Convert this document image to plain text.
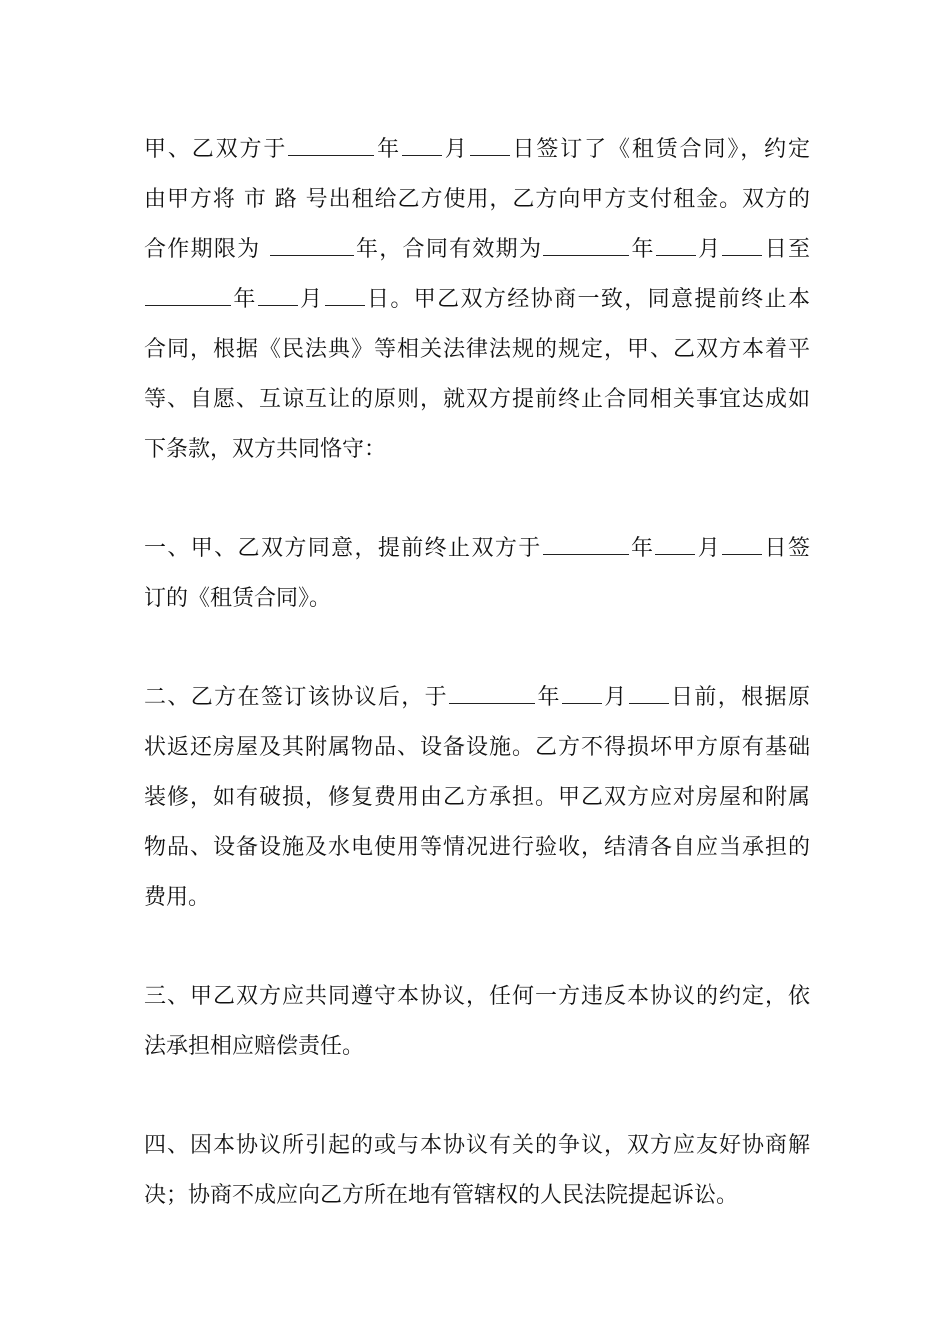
甲、乙双方于	年 月 日签订了《租赁合同》，约定
由甲方将 市 路 号出租给乙方使用，乙方向甲方支付租金。双方的
合作期限为	年，合同有效期为	年 月 日至
年 月 日。甲乙双方经协商一致，同意提前终止本
合同，根据《民法典》等相关法律法规的规定，甲、乙双方本着平
等、自愿、互谅互让的原则，就双方提前终止合同相关事宜达成如
下条款，双方共同恪守：
一、甲、乙双方同意，提前终止双方于	年 月 日签
订的《租赁合同》。
二、乙方在签订该协议后，于	年 月 日前，根据原
状返还房屋及其附属物品、设备设施。乙方不得损坏甲方原有基础
装修，如有破损，修复费用由乙方承担。甲乙双方应对房屋和附属
物品、设备设施及水电使用等情况进行验收，结清各自应当承担的
费用。
三、甲乙双方应共同遵守本协议，任何一方违反本协议的约定，依
法承担相应赔偿责任。
四、因本协议所引起的或与本协议有关的争议，双方应友好协商解
决；协商不成应向乙方所在地有管辖权的人民法院提起诉讼。
